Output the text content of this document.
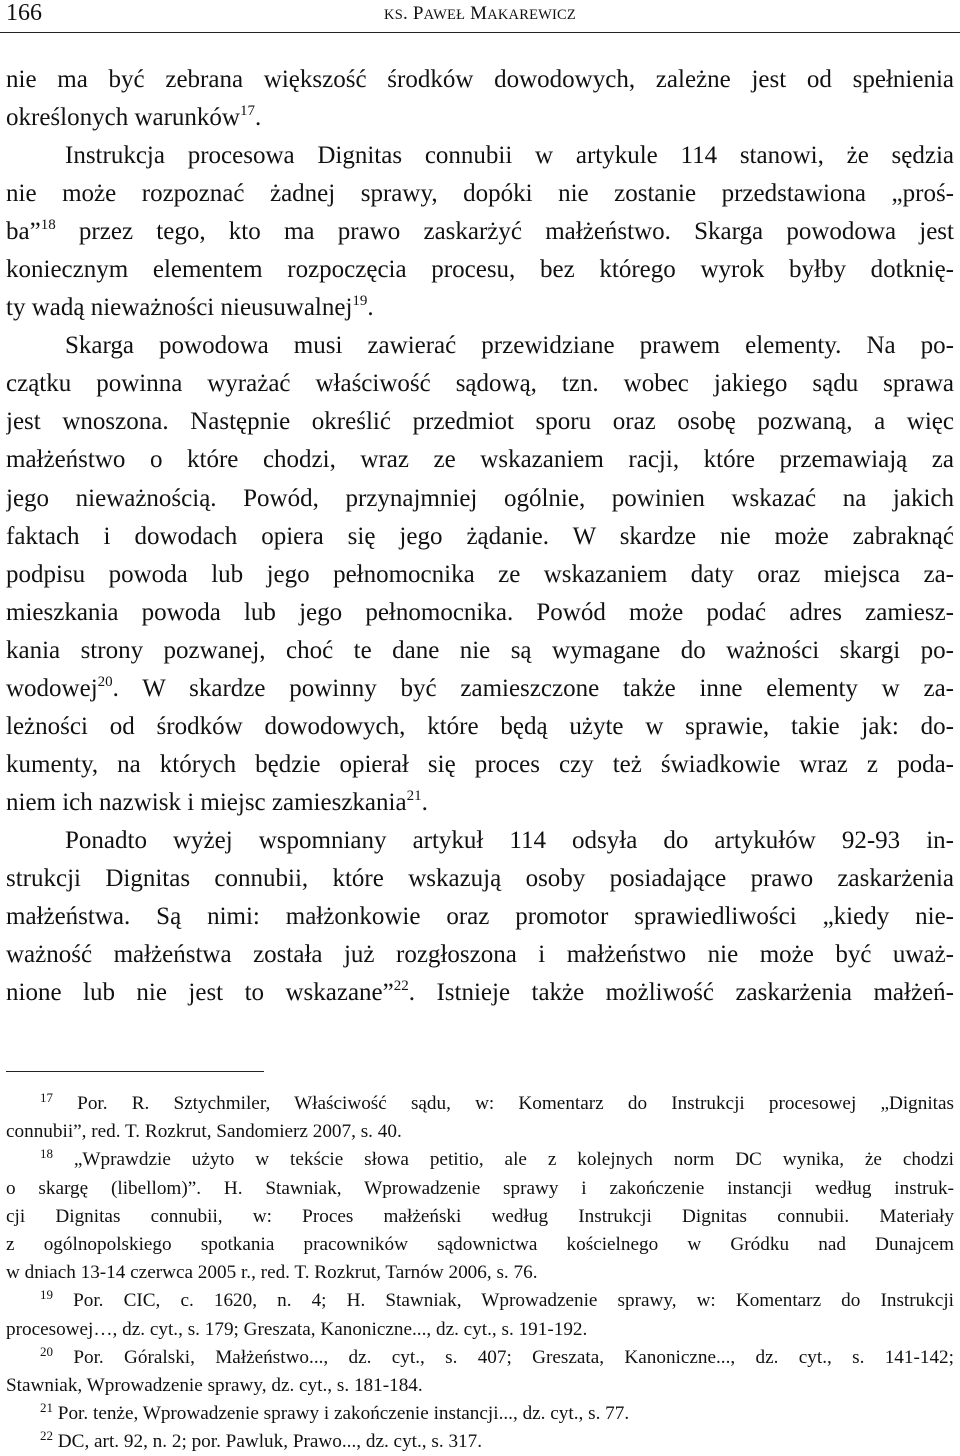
166	KS. PAWEŁ MAKAREWICZ
nie ma być zebrana większość środków dowodowych, zależne jest od spełnienia
określonych warunków$^{17}$.
Instrukcja procesowa Dignitas connubii w artykule 114 stanowi, że sędzia
nie może rozpoznać żadnej sprawy, dopóki nie zostanie przedstawiona „proś-
ba”$^{18}$ przez tego, kto ma prawo zaskarżyć małżeństwo. Skarga powodowa jest
koniecznym elementem rozpoczęcia procesu, bez którego wyrok byłby dotknię-
ty wadą nieważności nieusuwalnej$^{19}$.
Skarga powodowa musi zawierać przewidziane prawem elementy. Na po-
czątku powinna wyrażać właściwość sądową, tzn. wobec jakiego sądu sprawa
jest wnoszona. Następnie określić przedmiot sporu oraz osobę pozwaną, a więc
małżeństwo o które chodzi, wraz ze wskazaniem racji, które przemawiają za
jego nieważnością. Powód, przynajmniej ogólnie, powinien wskazać na jakich
faktach i dowodach opiera się jego żądanie. W skardze nie może zabraknąć
podpisu powoda lub jego pełnomocnika ze wskazaniem daty oraz miejsca za-
mieszkania powoda lub jego pełnomocnika. Powód może podać adres zamiesz-
kania strony pozwanej, choć te dane nie są wymagane do ważności skargi po-
wodowej$^{20}$. W skardze powinny być zamieszczone także inne elementy w za-
leżności od środków dowodowych, które będą użyte w sprawie, takie jak: do-
kumenty, na których będzie opierał się proces czy też świadkowie wraz z poda-
niem ich nazwisk i miejsc zamieszkania$^{21}$.
Ponadto wyżej wspomniany artykuł 114 odsyła do artykułów 92-93 in-
strukcji Dignitas connubii, które wskazują osoby posiadające prawo zaskarżenia
małżeństwa. Są nimi: małżonkowie oraz promotor sprawiedliwości „kiedy nie-
ważność małżeństwa została już rozgłoszona i małżeństwo nie może być uważ-
nione lub nie jest to wskazane”$^{22}$. Istnieje także możliwość zaskarżenia małżeń-
$^{17}$ Por. R. Sztychmiler, Właściwość sądu, w: Komentarz do Instrukcji procesowej „Dignitas
connubii”, red. T. Rozkrut, Sandomierz 2007, s. 40.
$^{18}$ „Wprawdzie użyto w tekście słowa petitio, ale z kolejnych norm DC wynika, że chodzi
o skargę (libellom)”. H. Stawniak, Wprowadzenie sprawy i zakończenie instancji według instruk-
cji Dignitas connubii, w: Proces małżeński według Instrukcji Dignitas connubii. Materiały
z ogólnopolskiego spotkania pracowników sądownictwa kościelnego w Gródku nad Dunajcem
w dniach 13-14 czerwca 2005 r., red. T. Rozkrut, Tarnów 2006, s. 76.
$^{19}$ Por. CIC, c. 1620, n. 4; H. Stawniak, Wprowadzenie sprawy, w: Komentarz do Instrukcji
procesowej…, dz. cyt., s. 179; Greszata, Kanoniczne..., dz. cyt., s. 191-192.
$^{20}$ Por. Góralski, Małżeństwo..., dz. cyt., s. 407; Greszata, Kanoniczne..., dz. cyt., s. 141-142;
Stawniak, Wprowadzenie sprawy, dz. cyt., s. 181-184.
$^{21}$ Por. tenże, Wprowadzenie sprawy i zakończenie instancji..., dz. cyt., s. 77.
$^{22}$ DC, art. 92, n. 2; por. Pawluk, Prawo..., dz. cyt., s. 317.
